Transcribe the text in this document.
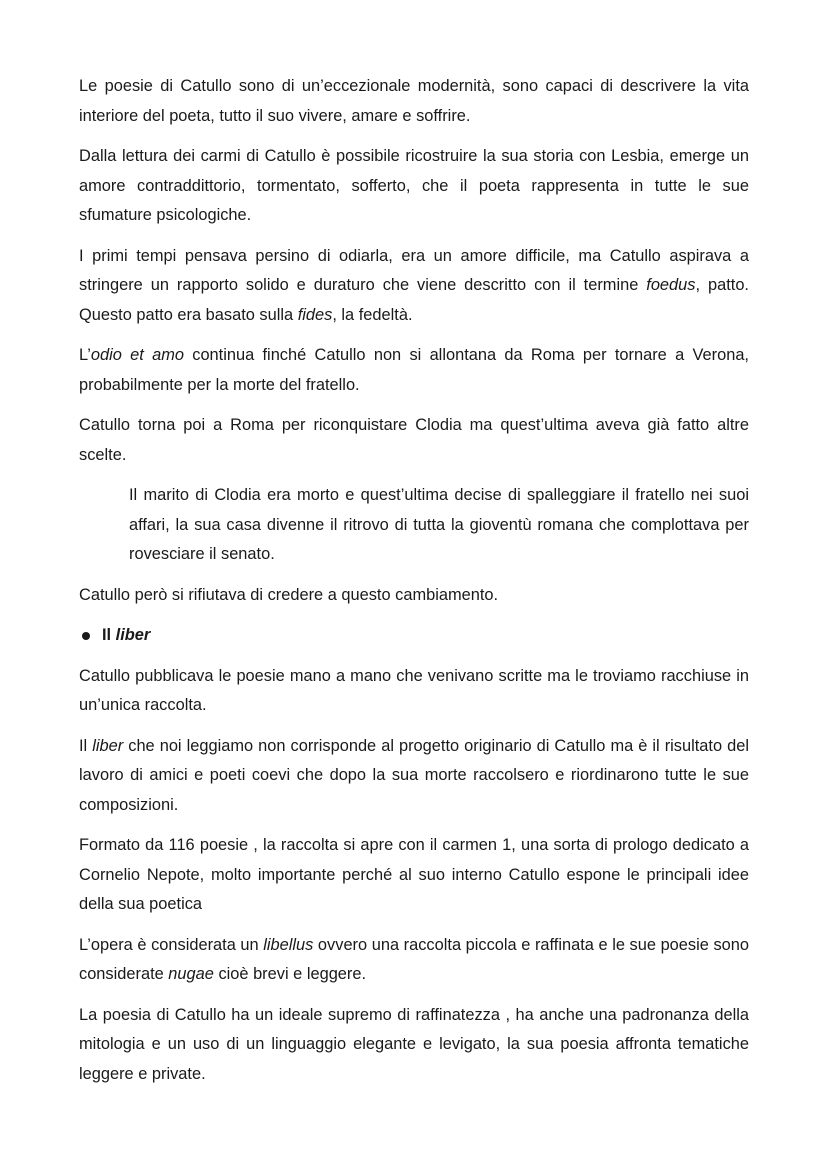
Le poesie di Catullo sono di un’eccezionale modernità, sono capaci di descrivere la vita interiore del poeta, tutto il suo vivere, amare e soffrire.

Dalla lettura dei carmi di Catullo è possibile ricostruire la sua storia con Lesbia, emerge un amore contraddittorio, tormentato, sofferto, che il poeta rappresenta in tutte le sue sfumature psicologiche.

I primi tempi pensava persino di odiarla, era un amore difficile, ma Catullo aspirava a stringere un rapporto solido e duraturo che viene descritto con il termine foedus, patto. Questo patto era basato sulla fides, la fedeltà.

L’odio et amo continua finché Catullo non si allontana da Roma per tornare a Verona, probabilmente per la morte del fratello.

Catullo torna poi a Roma per riconquistare Clodia ma quest’ultima aveva già fatto altre scelte.

Il marito di Clodia era morto e quest’ultima decise di spalleggiare il fratello nei suoi affari, la sua casa divenne il ritrovo di tutta la gioventù romana che complottava per rovesciare il senato.

Catullo però si rifiutava di credere a questo cambiamento.

Il liber

Catullo pubblicava le poesie mano a mano che venivano scritte ma le troviamo racchiuse in un’unica raccolta.

Il liber che noi leggiamo non corrisponde al progetto originario di Catullo ma è il risultato del lavoro di amici e poeti coevi che dopo la sua morte raccolsero e riordinarono tutte le sue composizioni.

Formato da 116 poesie , la raccolta si apre con il carmen 1, una sorta di prologo dedicato a Cornelio Nepote, molto importante perché al suo interno Catullo espone le principali idee della sua poetica

L’opera è considerata un libellus ovvero una raccolta piccola e raffinata e le sue poesie sono considerate nugae cioè brevi e leggere.

La poesia di Catullo ha un ideale supremo di raffinatezza , ha anche una padronanza della mitologia e un uso di un linguaggio elegante e levigato, la sua poesia affronta tematiche leggere e private.
